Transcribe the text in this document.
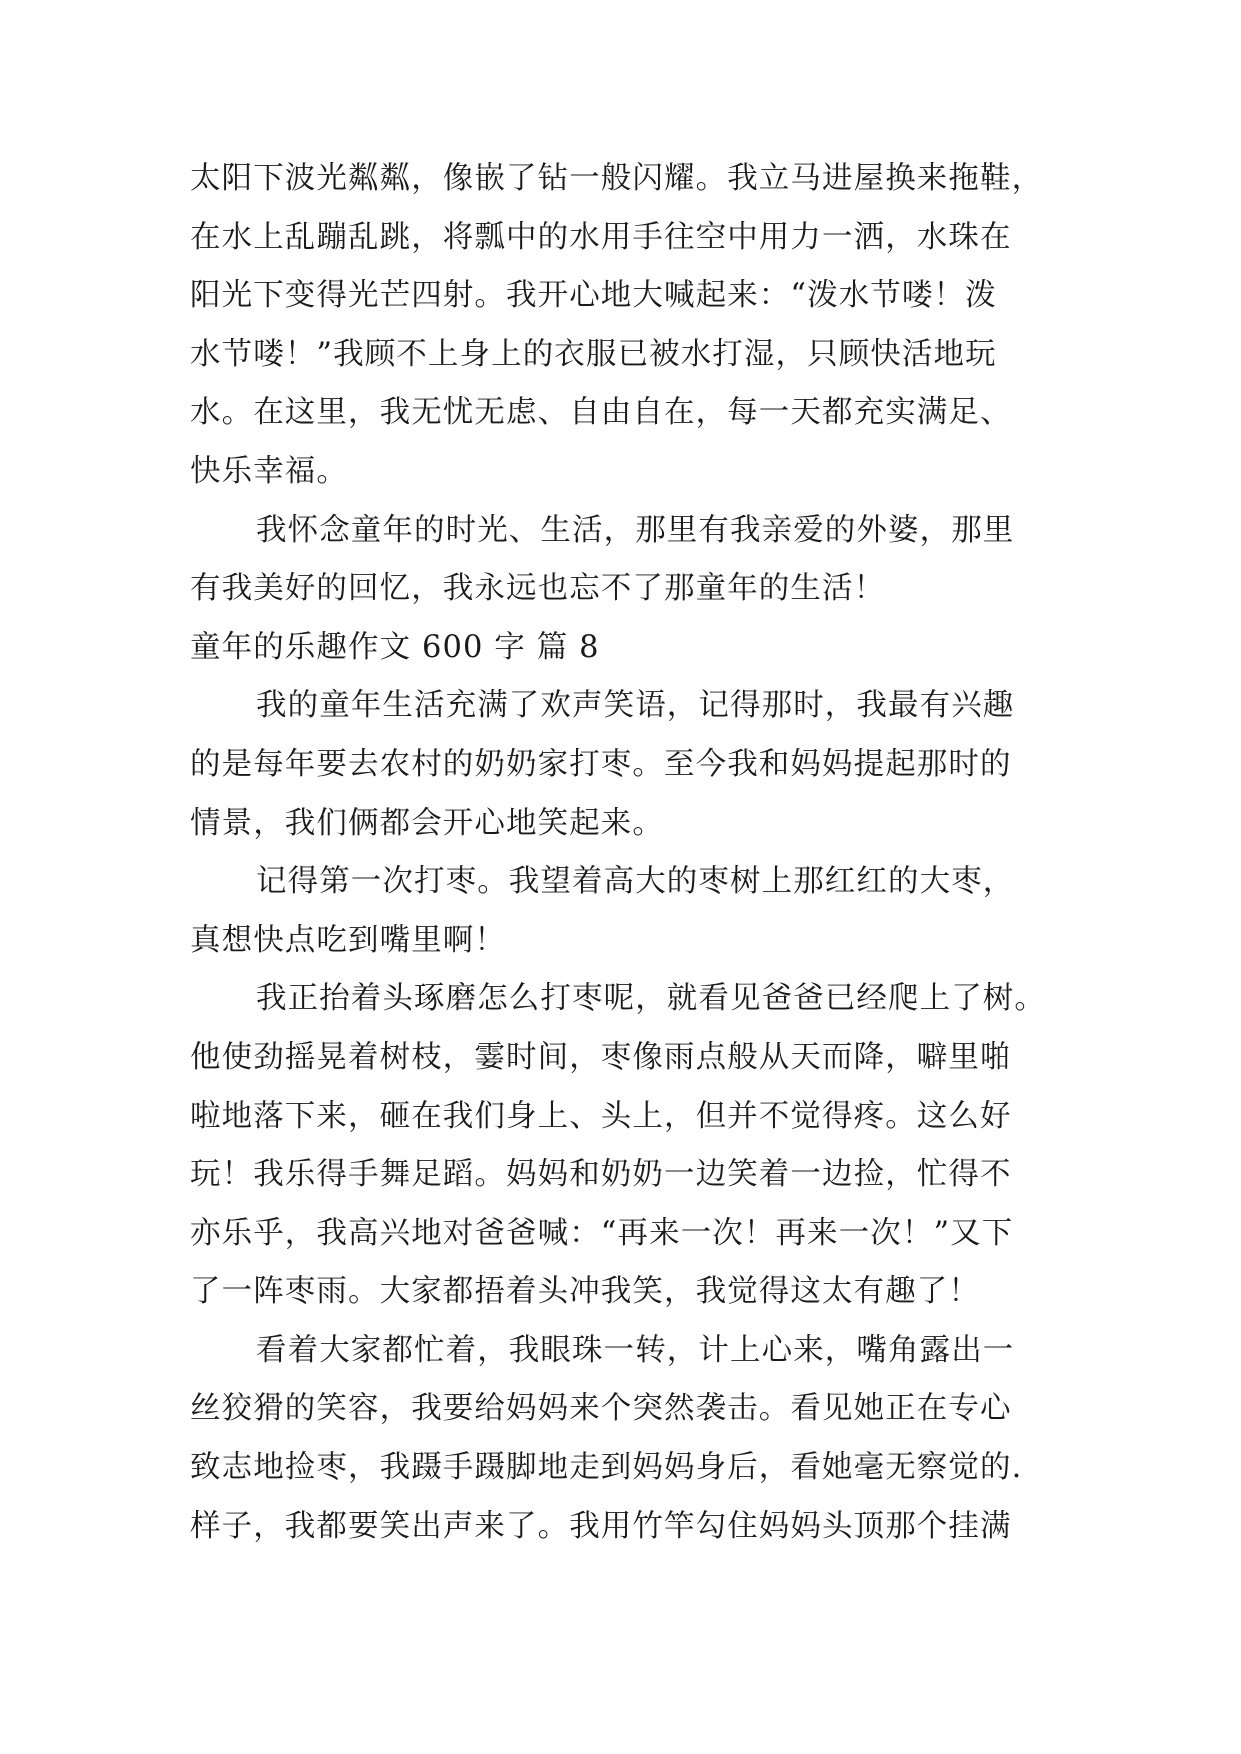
太阳下波光粼粼，像嵌了钻一般闪耀。我立马进屋换来拖鞋，
在水上乱蹦乱跳，将瓢中的水用手往空中用力一洒，水珠在
阳光下变得光芒四射。我开心地大喊起来：“泼水节喽！泼
水节喽！”我顾不上身上的衣服已被水打湿，只顾快活地玩
水。在这里，我无忧无虑、自由自在，每一天都充实满足、
快乐幸福。
我怀念童年的时光、生活，那里有我亲爱的外婆，那里
有我美好的回忆，我永远也忘不了那童年的生活！
童年的乐趣作文 600 字 篇 8
我的童年生活充满了欢声笑语，记得那时，我最有兴趣
的是每年要去农村的奶奶家打枣。至今我和妈妈提起那时的
情景，我们俩都会开心地笑起来。
记得第一次打枣。我望着高大的枣树上那红红的大枣，
真想快点吃到嘴里啊！
我正抬着头琢磨怎么打枣呢，就看见爸爸已经爬上了树。
他使劲摇晃着树枝，霎时间，枣像雨点般从天而降，噼里啪
啦地落下来，砸在我们身上、头上，但并不觉得疼。这么好
玩！我乐得手舞足蹈。妈妈和奶奶一边笑着一边捡，忙得不
亦乐乎，我高兴地对爸爸喊：“再来一次！再来一次！”又下
了一阵枣雨。大家都捂着头冲我笑，我觉得这太有趣了！
看着大家都忙着，我眼珠一转，计上心来，嘴角露出一
丝狡猾的笑容，我要给妈妈来个突然袭击。看见她正在专心
致志地捡枣，我蹑手蹑脚地走到妈妈身后，看她毫无察觉的.
样子，我都要笑出声来了。我用竹竿勾住妈妈头顶那个挂满
